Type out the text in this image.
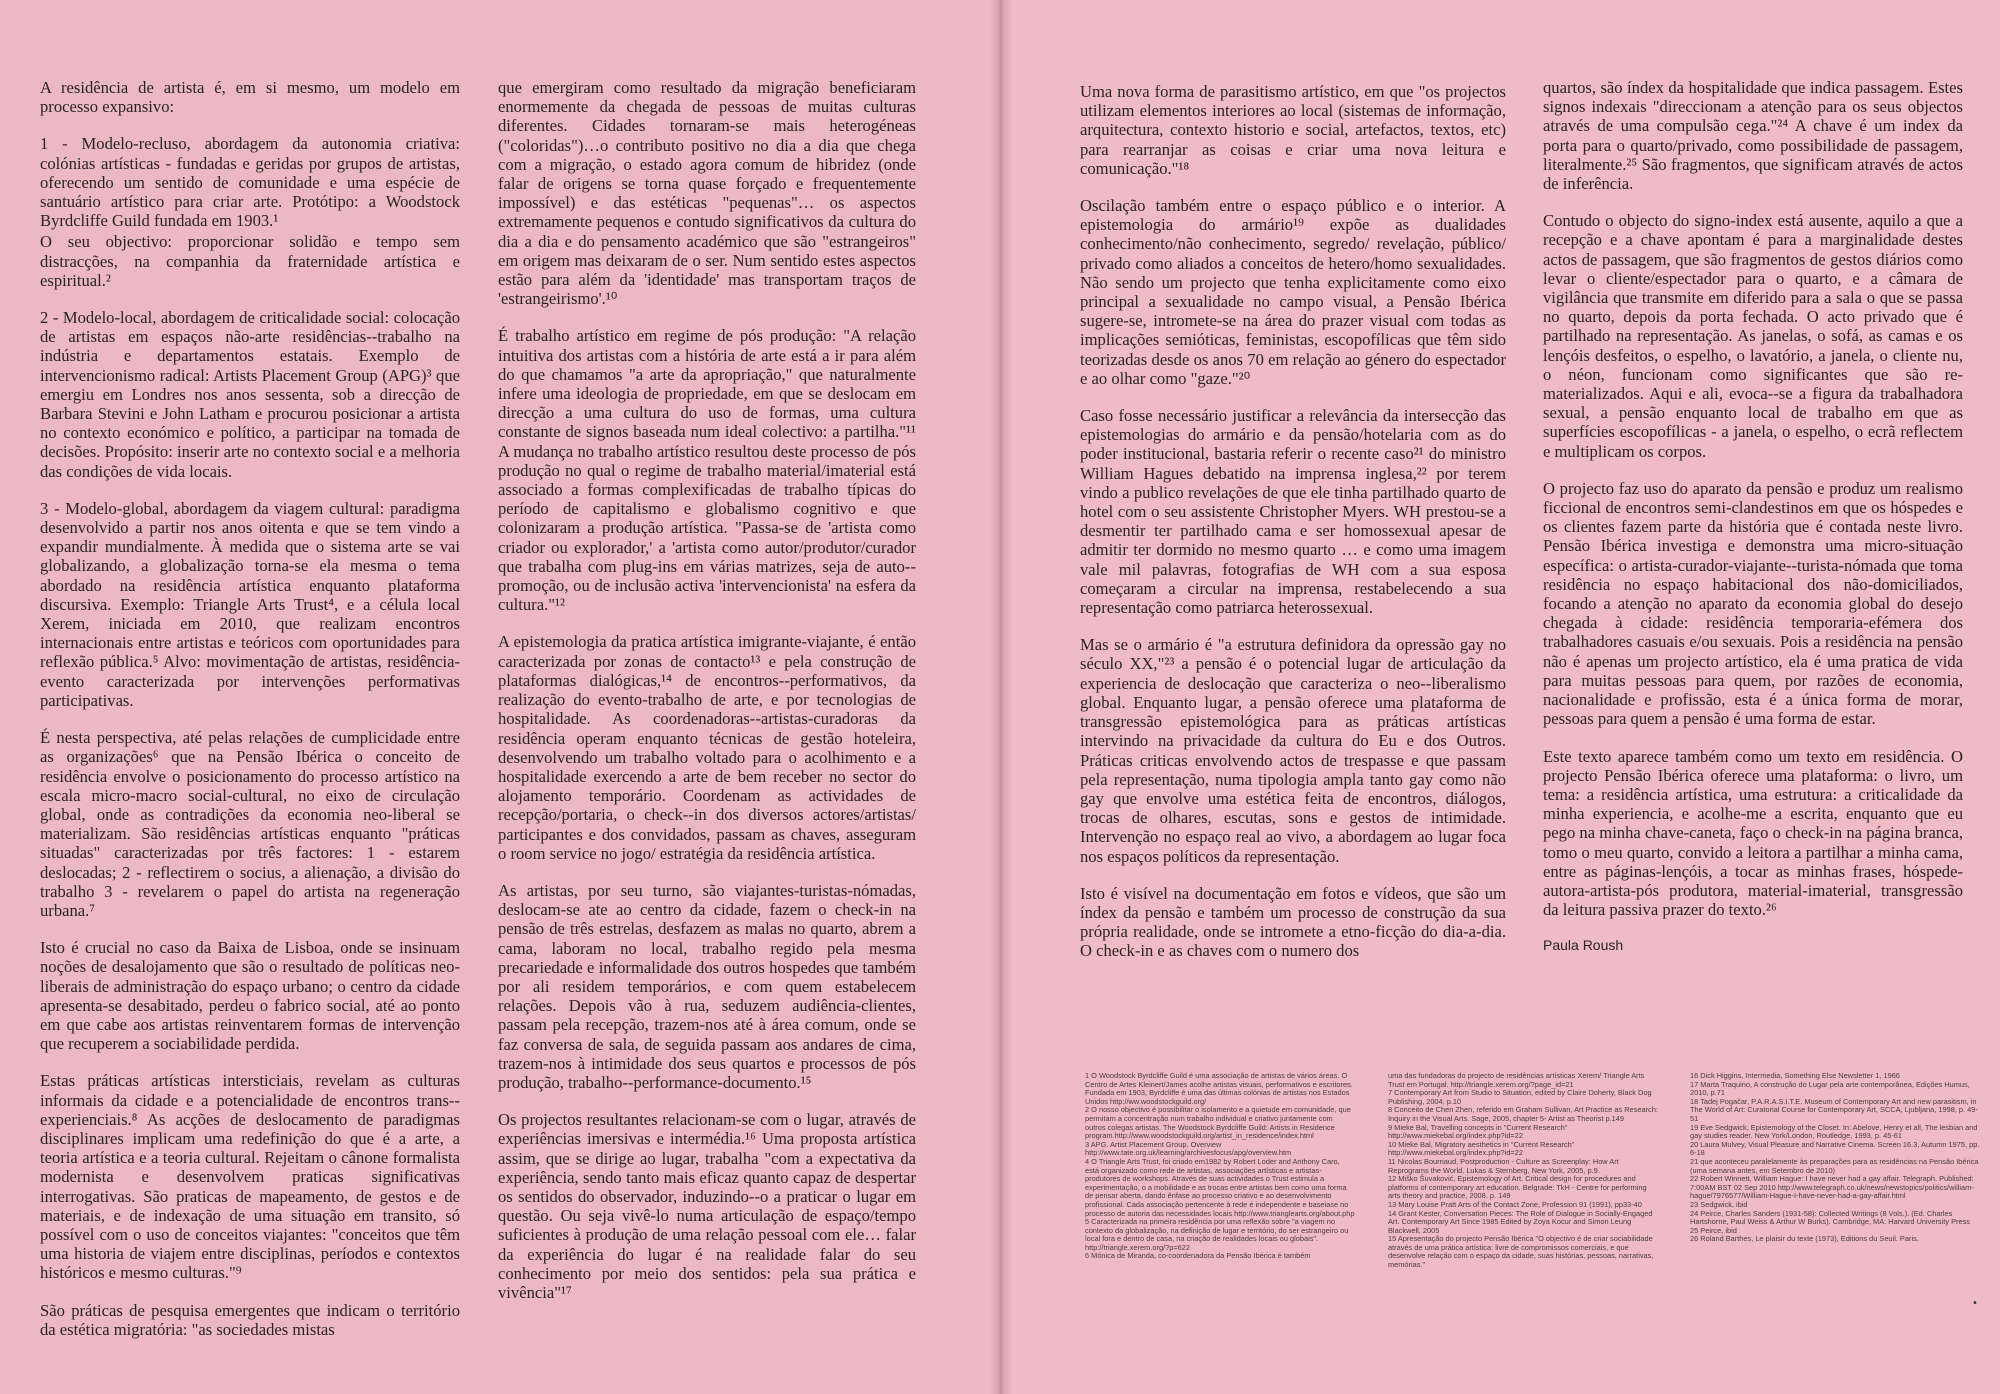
A residência de artista é, em si mesmo, um modelo em processo expansivo:

1 - Modelo-recluso, abordagem da autonomia criativa: colónias artísticas - fundadas e geridas por grupos de artistas, oferecendo um sentido de comunidade e uma espécie de santuário artístico para criar arte. Protótipo: a Woodstock Byrdcliffe Guild fundada em 1903.¹

O seu objectivo: proporcionar solidão e tempo sem distracções, na companhia da fraternidade artística e espiritual.²

2 - Modelo-local, abordagem de criticalidade social: colocação de artistas em espaços não-arte residências--trabalho na indústria e departamentos estatais. Exemplo de intervencionismo radical: Artists Placement Group (APG)³ que emergiu em Londres nos anos sessenta, sob a direcção de Barbara Stevini e John Latham e procurou posicionar a artista no contexto económico e político, a participar na tomada de decisões. Propósito: inserir arte no contexto social e a melhoria das condições de vida locais.

3 - Modelo-global, abordagem da viagem cultural: paradigma desenvolvido a partir nos anos oitenta e que se tem vindo a expandir mundialmente. À medida que o sistema arte se vai globalizando, a globalização torna-se ela mesma o tema abordado na residência artística enquanto plataforma discursiva. Exemplo: Triangle Arts Trust⁴, e a célula local Xerem, iniciada em 2010, que realizam encontros internacionais entre artistas e teóricos com oportunidades para reflexão pública.⁵ Alvo: movimentação de artistas, residência-evento caracterizada por intervenções performativas participativas.

É nesta perspectiva, até pelas relações de cumplicidade entre as organizações⁶ que na Pensão Ibérica o conceito de residência envolve o posicionamento do processo artístico na escala micro-macro social-cultural, no eixo de circulação global, onde as contradições da economia neo-liberal se materializam. São residências artísticas enquanto "práticas situadas" caracterizadas por três factores: 1 - estarem deslocadas; 2 - reflectirem o socius, a alienação, a divisão do trabalho 3 - revelarem o papel do artista na regeneração urbana.⁷

Isto é crucial no caso da Baixa de Lisboa, onde se insinuam noções de desalojamento que são o resultado de políticas neo-liberais de administração do espaço urbano; o centro da cidade apresenta-se desabitado, perdeu o fabrico social, até ao ponto em que cabe aos artistas reinventarem formas de intervenção que recuperem a sociabilidade perdida.

Estas práticas artísticas intersticiais, revelam as culturas informais da cidade e a potencialidade de encontros trans--experienciais.⁸ As acções de deslocamento de paradigmas disciplinares implicam uma redefinição do que é a arte, a teoria artística e a teoria cultural. Rejeitam o cânone formalista modernista e desenvolvem praticas significativas interrogativas. São praticas de mapeamento, de gestos e de materiais, e de indexação de uma situação em transito, só possível com o uso de conceitos viajantes: "conceitos que têm uma historia de viajem entre disciplinas, períodos e contextos históricos e mesmo culturas."⁹

São práticas de pesquisa emergentes que indicam o território da estética migratória: "as sociedades mistas

que emergiram como resultado da migração beneficiaram enormemente da chegada de pessoas de muitas culturas diferentes. Cidades tornaram-se mais heterogéneas ("coloridas")…o contributo positivo no dia a dia que chega com a migração, o estado agora comum de hibridez (onde falar de origens se torna quase forçado e frequentemente impossível) e das estéticas "pequenas"… os aspectos extremamente pequenos e contudo significativos da cultura do dia a dia e do pensamento académico que são "estrangeiros" em origem mas deixaram de o ser. Num sentido estes aspectos estão para além da 'identidade' mas transportam traços de 'estrangeirismo'.¹⁰

É trabalho artístico em regime de pós produção: "A relação intuitiva dos artistas com a história de arte está a ir para além do que chamamos "a arte da apropriação," que naturalmente infere uma ideologia de propriedade, em que se deslocam em direcção a uma cultura do uso de formas, uma cultura constante de signos baseada num ideal colectivo: a partilha."¹¹ A mudança no trabalho artístico resultou deste processo de pós produção no qual o regime de trabalho material/imaterial está associado a formas complexificadas de trabalho típicas do período de capitalismo e globalismo cognitivo e que colonizaram a produção artística. "Passa-se de 'artista como criador ou explorador,' a 'artista como autor/produtor/curador que trabalha com plug-ins em várias matrizes, seja de auto--promoção, ou de inclusão activa 'intervencionista' na esfera da cultura."¹²

A epistemologia da pratica artística imigrante-viajante, é então caracterizada por zonas de contacto¹³ e pela construção de plataformas dialógicas,¹⁴ de encontros--performativos, da realização do evento-trabalho de arte, e por tecnologias de hospitalidade. As coordenadoras--artistas-curadoras da residência operam enquanto técnicas de gestão hoteleira, desenvolvendo um trabalho voltado para o acolhimento e a hospitalidade exercendo a arte de bem receber no sector do alojamento temporário. Coordenam as actividades de recepção/portaria, o check--in dos diversos actores/artistas/ participantes e dos convidados, passam as chaves, asseguram o room service no jogo/ estratégia da residência artística.

As artistas, por seu turno, são viajantes-turistas-nómadas, deslocam-se ate ao centro da cidade, fazem o check-in na pensão de três estrelas, desfazem as malas no quarto, abrem a cama, laboram no local, trabalho regido pela mesma precariedade e informalidade dos outros hospedes que também por ali residem temporários, e com quem estabelecem relações. Depois vão à rua, seduzem audiência-clientes, passam pela recepção, trazem-nos até à área comum, onde se faz conversa de sala, de seguida passam aos andares de cima, trazem-nos à intimidade dos seus quartos e processos de pós produção, trabalho--performance-documento.¹⁵

Os projectos resultantes relacionam-se com o lugar, através de experiências imersivas e intermédia.¹⁶ Uma proposta artística assim, que se dirige ao lugar, trabalha "com a expectativa da experiência, sendo tanto mais eficaz quanto capaz de despertar os sentidos do observador, induzindo--o a praticar o lugar em questão. Ou seja vivê-lo numa articulação de espaço/tempo suficientes à produção de uma relação pessoal com ele… falar da experiência do lugar é na realidade falar do seu conhecimento por meio dos sentidos: pela sua prática e vivência"¹⁷

Uma nova forma de parasitismo artístico, em que "os projectos utilizam elementos interiores ao local (sistemas de informação, arquitectura, contexto historio e social, artefactos, textos, etc) para rearranjar as coisas e criar uma nova leitura e comunicação."¹⁸

Oscilação também entre o espaço público e o interior. A epistemologia do armário¹⁹ expõe as dualidades conhecimento/não conhecimento, segredo/ revelação, público/ privado como aliados a conceitos de hetero/homo sexualidades. Não sendo um projecto que tenha explicitamente como eixo principal a sexualidade no campo visual, a Pensão Ibérica sugere-se, intromete-se na área do prazer visual com todas as implicações semióticas, feministas, escopofílicas que têm sido teorizadas desde os anos 70 em relação ao género do espectador e ao olhar como "gaze."²⁰

Caso fosse necessário justificar a relevância da intersecção das epistemologias do armário e da pensão/hotelaria com as do poder institucional, bastaria referir o recente caso²¹ do ministro William Hagues debatido na imprensa inglesa,²² por terem vindo a publico revelações de que ele tinha partilhado quarto de hotel com o seu assistente Christopher Myers. WH prestou-se a desmentir ter partilhado cama e ser homossexual apesar de admitir ter dormido no mesmo quarto … e como uma imagem vale mil palavras, fotografias de WH com a sua esposa começaram a circular na imprensa, restabelecendo a sua representação como patriarca heterossexual.

Mas se o armário é "a estrutura definidora da opressão gay no século XX,"²³ a pensão é o potencial lugar de articulação da experiencia de deslocação que caracteriza o neo--liberalismo global. Enquanto lugar, a pensão oferece uma plataforma de transgressão epistemológica para as práticas artísticas intervindo na privacidade da cultura do Eu e dos Outros. Práticas criticas envolvendo actos de trespasse e que passam pela representação, numa tipologia ampla tanto gay como não gay que envolve uma estética feita de encontros, diálogos, trocas de olhares, escutas, sons e gestos de intimidade. Intervenção no espaço real ao vivo, a abordagem ao lugar foca nos espaços políticos da representação.

Isto é visível na documentação em fotos e vídeos, que são um índex da pensão e também um processo de construção da sua própria realidade, onde se intromete a etno-ficção do dia-a-dia. O check-in e as chaves com o numero dos

quartos, são índex da hospitalidade que indica passagem. Estes signos indexais "direccionam a atenção para os seus objectos através de uma compulsão cega."²⁴ A chave é um index da porta para o quarto/privado, como possibilidade de passagem, literalmente.²⁵ São fragmentos, que significam através de actos de inferência.

Contudo o objecto do signo-index está ausente, aquilo a que a recepção e a chave apontam é para a marginalidade destes actos de passagem, que são fragmentos de gestos diários como levar o cliente/espectador para o quarto, e a câmara de vigilância que transmite em diferido para a sala o que se passa no quarto, depois da porta fechada. O acto privado que é partilhado na representação. As janelas, o sofá, as camas e os lençóis desfeitos, o espelho, o lavatório, a janela, o cliente nu, o néon, funcionam como significantes que são re-materializados. Aqui e ali, evoca--se a figura da trabalhadora sexual, a pensão enquanto local de trabalho em que as superfícies escopofílicas - a janela, o espelho, o ecrã reflectem e multiplicam os corpos.

O projecto faz uso do aparato da pensão e produz um realismo ficcional de encontros semi-clandestinos em que os hóspedes e os clientes fazem parte da história que é contada neste livro. Pensão Ibérica investiga e demonstra uma micro-situação específica: o artista-curador-viajante--turista-nómada que toma residência no espaço habitacional dos não-domiciliados, focando a atenção no aparato da economia global do desejo chegada à cidade: residência temporaria-efémera dos trabalhadores casuais e/ou sexuais. Pois a residência na pensão não é apenas um projecto artístico, ela é uma pratica de vida para muitas pessoas para quem, por razões de economia, nacionalidade e profissão, esta é a única forma de morar, pessoas para quem a pensão é uma forma de estar.

Este texto aparece também como um texto em residência. O projecto Pensão Ibérica oferece uma plataforma: o livro, um tema: a residência artística, uma estrutura: a criticalidade da minha experiencia, e acolhe-me a escrita, enquanto que eu pego na minha chave-caneta, faço o check-in na página branca, tomo o meu quarto, convido a leitora a partilhar a minha cama, entre as páginas-lençóis, a tocar as minhas frases, hóspede-autora-artista-pós produtora, material-imaterial, transgressão da leitura passiva prazer do texto.²⁶

Paula Roush
1 O Woodstock Byrdcliffe Guild é uma associação de artistas de vários áreas. O Centro de Artes Kleinert/James acolhe artistas visuais, performativos e escritores. Fundada em 1903, Byrdcliffe é uma das últimas colónias de artistas nos Estados Unidos http://ww.woodstockguild.org/
2 O nosso objectivo é possibilitar o isolamento e a quietude em comunidade, que permitam a concentração num trabalho individual e criativo juntamente com outros colegas artistas. The Woodstock Byrdcliffe Guild: Artists in Residence program.http://www.woodstockguild.org/artist_in_residence/index.html
3 APG. Artist Placement Group. Overview http://www.tate.org.uk/learning/archivesfocus/apg/overview.htm
4 O Triangle Arts Trust, foi criado em1982 by Robert Loder and Anthony Caro, está organizado como rede de artistas, associações artísticas e artistas-produtores de workshops. Através de suas actividades o Trust estimula a experimentação, o a mobilidade e as trocas entre artistas bem como uma forma de pensar aberta, dando ênfase ao processo criativo e ao desenvolvimento profissional. Cada associação pertencente à rede é independente e baseiase no processo de autoria das necessidades locais http://www.trianglearts.org/about.php
5 Caracterizada na primeira residência por uma reflexão sobre "a viagem no contexto da globalização, na definição de lugar e território, do ser estrangeiro ou local fora e dentro de casa, na criação de realidades locais ou globais". http://triangle.xerem.org/?p=622
6 Mónica de Miranda, co-coordenadora da Pensão Ibérica é também
uma das fundadoras do projecto de residências artísticas Xerem/ Triangle Arts Trust em Portugal. http://triangle.xerem.org/?page_id=21
7 Contemporary Art from Studio to Situation, edited by Claire Doherty, Black Dog Publishing, 2004, p.10
8 Conceito de Chen Zhen, referido em Graham Sullivan, Art Practice as Research: Inquiry in the Visual Arts. Sage, 2005, chapter 5- Artist as Theorist p.149
9 Mieke Bal, Travelling concepts in "Current Research" http://www.miekebal.org/index.php?id=22
10 Mieke Bal, Migratory aesthetics in "Current Research" http://www.miekebal.org/index.php?id=22
11 Nicolas Bourriaud, Postproduction - Culture as Screenplay: How Art Reprograms the World, Lukas & Sternberg, New York, 2005, p.9.
12 Miško Šuvaković, Epistemology of Art. Critical design for procedures and platforms of contemporary art education. Belgrade: TkH - Centre for performing arts theory and practice, 2008. p. 149
13 Mary Louise Pratt Arts of the Contact Zone, Profession 91 (1991), pp33-40
14 Grant Kester, Conversation Pieces: The Role of Dialogue in Socially-Engaged Art. Contemporary Art Since 1985 Edited by Zoya Kocur and Simon Leung Blackwell, 2005
15 Apresentação do projecto Pensão Ibérica "O objectivo é de criar sociabilidade através de uma prática artística: livre de compromissos comerciais, e que desenvolve relação com o espaço da cidade, suas histórias, pessoas, narrativas, memórias."
16 Dick Higgins, Intermedia, Something Else Newsletter 1, 1966
17 Marta Traquino, A construção do Lugar pela arte contemporânea, Edições Humus, 2010, p.71
18 Tadej Pogačar, P.A.R.A.S.I.T.E. Museum of Contemporary Art and new parasitism, in The World of Art: Curatorial Course for Contemporary Art, SCCA, Ljubljana, 1998, p. 49-51
19 Eve Sedgwick, Epistemology of the Closet. In: Abelove, Henry et all, The lesbian and gay studies reader. New York/London, Routledge, 1993, p. 45-61
20 Laura Mulvey, Visual Pleasure and Narrative Cinema. Screen 16.3, Autumn 1975, pp. 6-18
21 que aconteceu paralelamente às preparações para as residências na Pensão Ibérica (uma semana antes, em Setembro de 2010)
22 Robert Winnett, William Hague: I have never had a gay affair. Telegraph. Published: 7:00AM BST 02 Sep 2010 http://www.telegraph.co.uk/news/newstopics/politics/william-hague/7976577/William-Hague-I-have-never-had-a-gay-affair.html
23 Sedgwick, ibid
24 Peirce, Charles Sanders (1931-58): Collected Writings (8 Vols.). (Ed. Charles Hartshorne, Paul Weiss & Arthur W Burks). Cambridge, MA: Harvard University Press
25 Peirce, ibid
26 Roland Barthes, Le plaisir du texte (1973), Editions du Seuil. Paris.
•
